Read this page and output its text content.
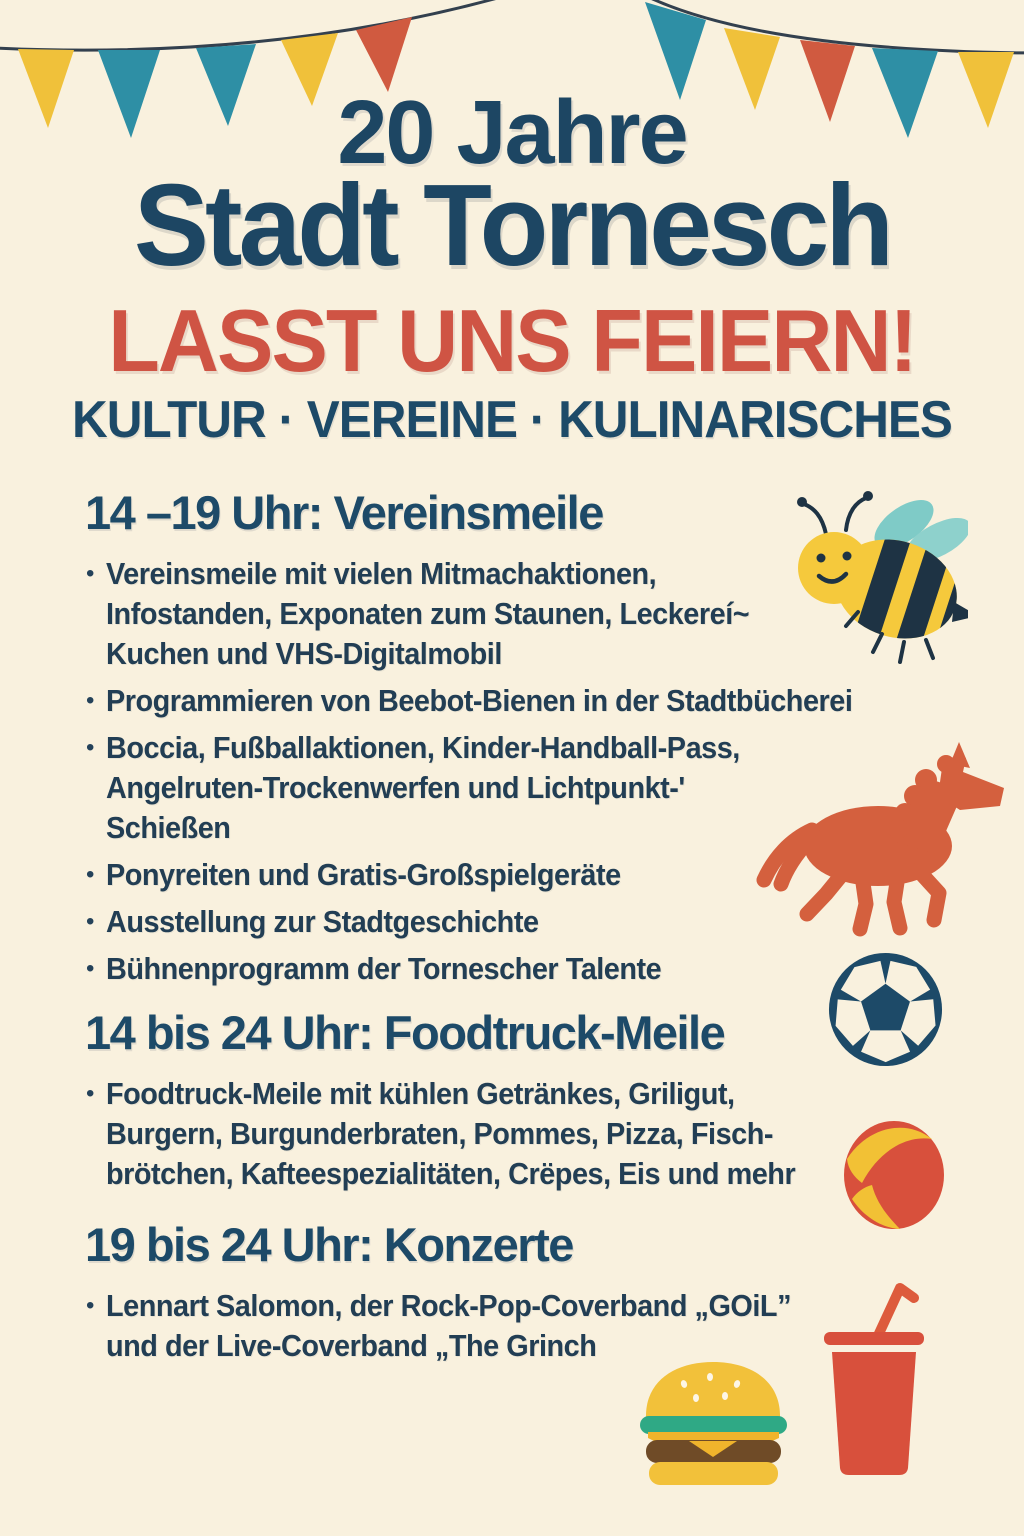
20 Jahre
Stadt Tornesch
LASST UNS FEIERN!
KULTUR · VEREINE · KULINARISCHES
14 –19 Uhr: Vereinsmeile
• Vereinsmeile mit vielen Mitmachaktionen,
Infostanden, Exponaten zum Staunen, Leckereí~
Kuchen und VHS-Digitalmobil
• Programmieren von Beebot-Bienen in der Stadtbücherei
• Boccia, Fußballaktionen, Kinder-Handball-Pass,
Angelruten-Trockenwerfen und Lichtpunkt-'
Schießen
• Ponyreiten und Gratis-Großspielgeräte
• Ausstellung zur Stadtgeschichte
• Bühnenprogramm der Tornescher Talente
14 bis 24 Uhr: Foodtruck-Meile
• Foodtruck-Meile mit kühlen Getränkes, Griligut,
Burgern, Burgunderbraten, Pommes, Pizza, Fisch-
brötchen, Kafteespezialitäten, Crëpes, Eis und mehr
19 bis 24 Uhr: Konzerte
• Lennart Salomon, der Rock-Pop-Coverband „GOiL”
und der Live-Coverband „The Grinch
